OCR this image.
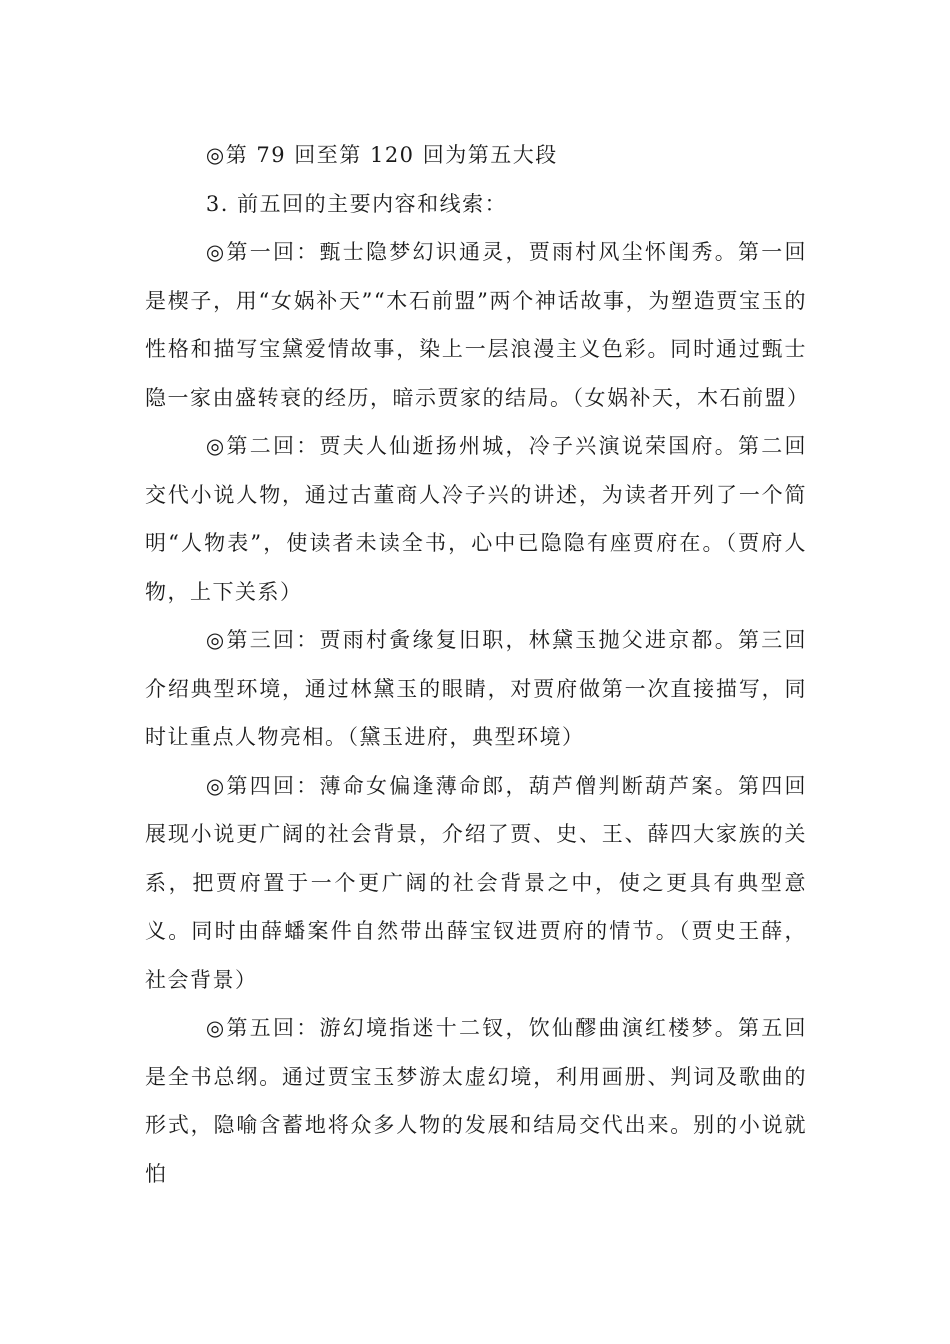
◎第 79 回至第 120 回为第五大段

3. 前五回的主要内容和线索：

◎第一回：甄士隐梦幻识通灵，贾雨村风尘怀闺秀。第一回是楔子，用“女娲补天”“木石前盟”两个神话故事，为塑造贾宝玉的性格和描写宝黛爱情故事，染上一层浪漫主义色彩。同时通过甄士隐一家由盛转衰的经历，暗示贾家的结局。（女娲补天，木石前盟）

◎第二回：贾夫人仙逝扬州城，冷子兴演说荣国府。第二回交代小说人物，通过古董商人冷子兴的讲述，为读者开列了一个简明“人物表”，使读者未读全书，心中已隐隐有座贾府在。（贾府人物，上下关系）

◎第三回：贾雨村夤缘复旧职，林黛玉抛父进京都。第三回介绍典型环境，通过林黛玉的眼睛，对贾府做第一次直接描写，同时让重点人物亮相。（黛玉进府，典型环境）

◎第四回：薄命女偏逢薄命郎，葫芦僧判断葫芦案。第四回展现小说更广阔的社会背景，介绍了贾、史、王、薛四大家族的关系，把贾府置于一个更广阔的社会背景之中，使之更具有典型意义。同时由薛蟠案件自然带出薛宝钗进贾府的情节。（贾史王薛，社会背景）

◎第五回：游幻境指迷十二钗，饮仙醪曲演红楼梦。第五回是全书总纲。通过贾宝玉梦游太虚幻境，利用画册、判词及歌曲的形式，隐喻含蓄地将众多人物的发展和结局交代出来。别的小说就怕
